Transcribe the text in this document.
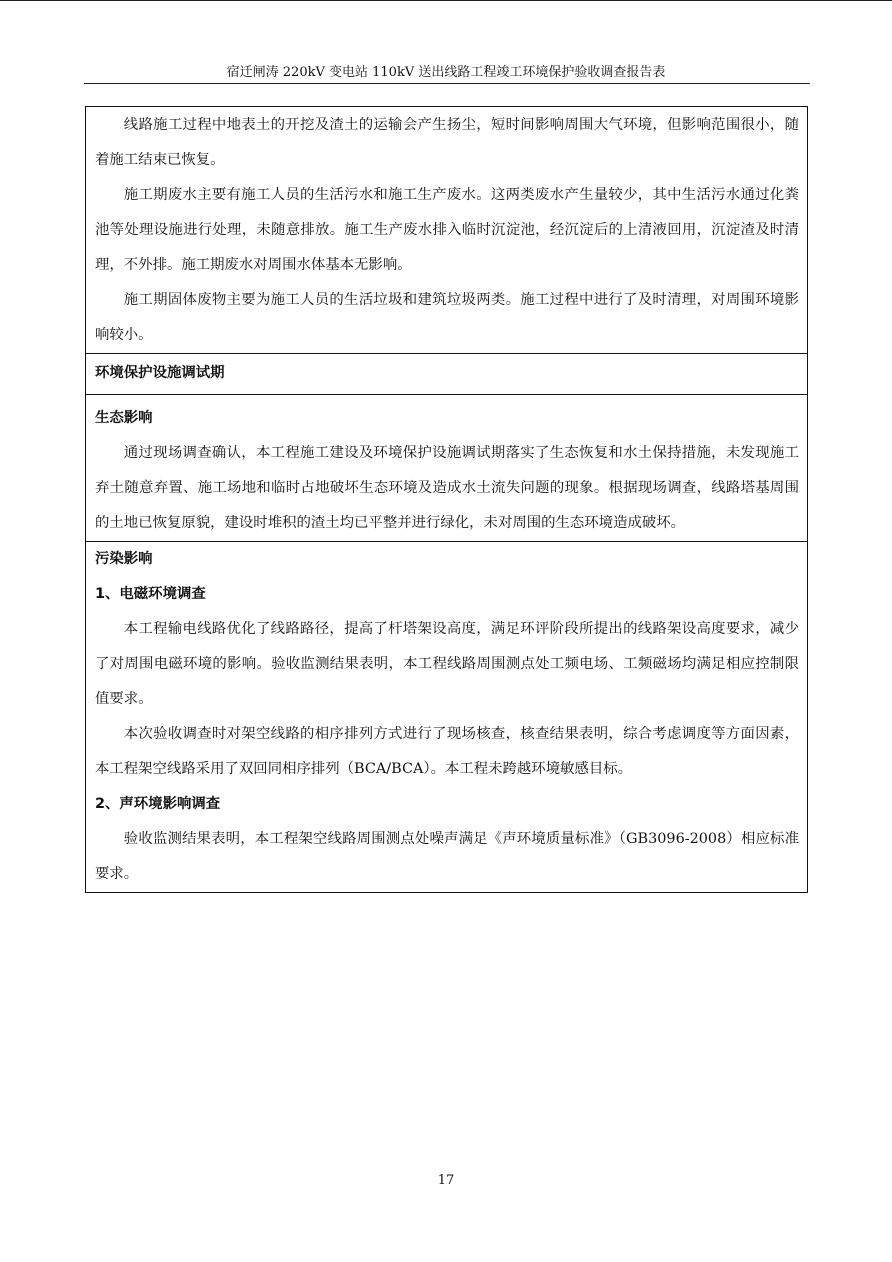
宿迁闸涛 220kV 变电站 110kV 送出线路工程竣工环境保护验收调查报告表

线路施工过程中地表土的开挖及渣土的运输会产生扬尘，短时间影响周围大气环境，但影响范围很小，随着施工结束已恢复。

施工期废水主要有施工人员的生活污水和施工生产废水。这两类废水产生量较少，其中生活污水通过化粪池等处理设施进行处理，未随意排放。施工生产废水排入临时沉淀池，经沉淀后的上清液回用，沉淀渣及时清理，不外排。施工期废水对周围水体基本无影响。

施工期固体废物主要为施工人员的生活垃圾和建筑垃圾两类。施工过程中进行了及时清理，对周围环境影响较小。

环境保护设施调试期

生态影响

通过现场调查确认，本工程施工建设及环境保护设施调试期落实了生态恢复和水土保持措施，未发现施工弃土随意弃置、施工场地和临时占地破坏生态环境及造成水土流失问题的现象。根据现场调查，线路塔基周围的土地已恢复原貌，建设时堆积的渣土均已平整并进行绿化，未对周围的生态环境造成破坏。

污染影响

1、电磁环境调查

本工程输电线路优化了线路路径，提高了杆塔架设高度，满足环评阶段所提出的线路架设高度要求，减少了对周围电磁环境的影响。验收监测结果表明，本工程线路周围测点处工频电场、工频磁场均满足相应控制限值要求。

本次验收调查时对架空线路的相序排列方式进行了现场核查，核查结果表明，综合考虑调度等方面因素，本工程架空线路采用了双回同相序排列（BCA/BCA）。本工程未跨越环境敏感目标。

2、声环境影响调查

验收监测结果表明，本工程架空线路周围测点处噪声满足《声环境质量标准》（GB3096-2008）相应标准要求。

17
